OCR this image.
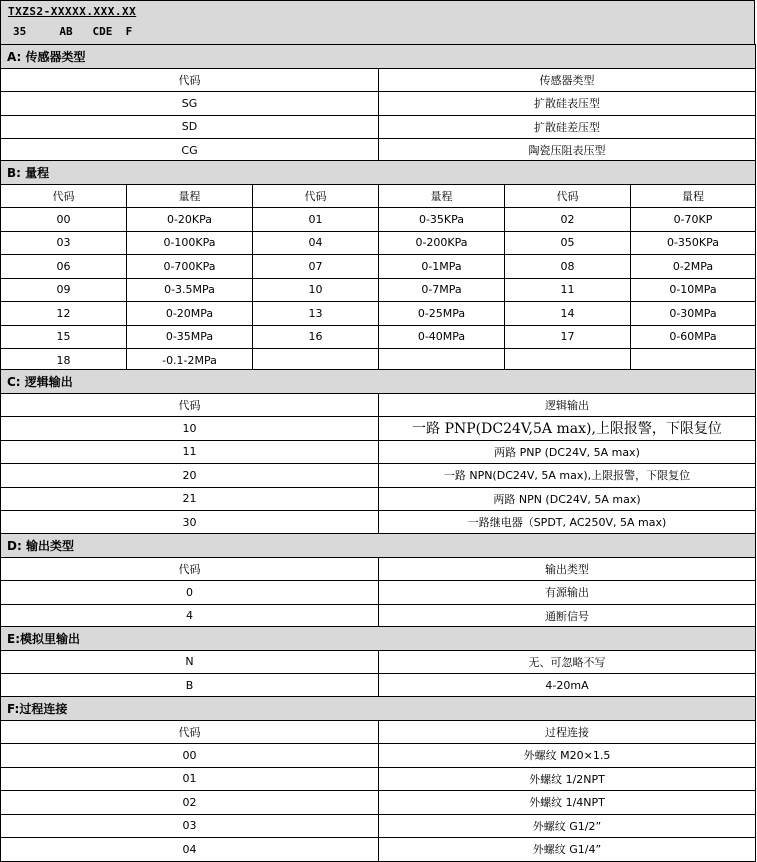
TXZS2-XXXXX.XXX.XX
35	AB CDE F
A: 传感器类型	
代码	传感器类型
SG	扩散硅表压型
SD	扩散硅差压型
CG	陶瓷压阻表压型
B: 量程					
代码	量程	代码	量程	代码	量程
00	0-20KPa	01	0-35KPa	02	0-70KP
03	0-100KPa	04	0-200KPa	05	0-350KPa
06	0-700KPa	07	0-1MPa	08	0-2MPa
09	0-3.5MPa	10	0-7MPa	11	0-10MPa
12	0-20MPa	13	0-25MPa	14	0-30MPa
15	0-35MPa	16	0-40MPa	17	0-60MPa
18	-0.1-2MPa				
C: 逻辑输出	
代码	逻辑输出
10	一路 PNP(DC24V,5A max),上限报警，下限复位
11	两路 PNP (DC24V, 5A max)
20	一路 NPN(DC24V, 5A max),上限报警，下限复位
21	两路 NPN (DC24V, 5A max)
30	一路继电器（SPDT, AC250V, 5A max)
D: 输出类型	
代码	输出类型
0	有源输出
4	通断信号
E:模拟里输出	
N	无、可忽略不写
B	4-20mA
F:过程连接	
代码	过程连接
00	外螺纹 M20×1.5
01	外螺纹 1/2NPT
02	外螺纹 1/4NPT
03	外螺纹 G1/2”
04	外螺纹 G1/4”
